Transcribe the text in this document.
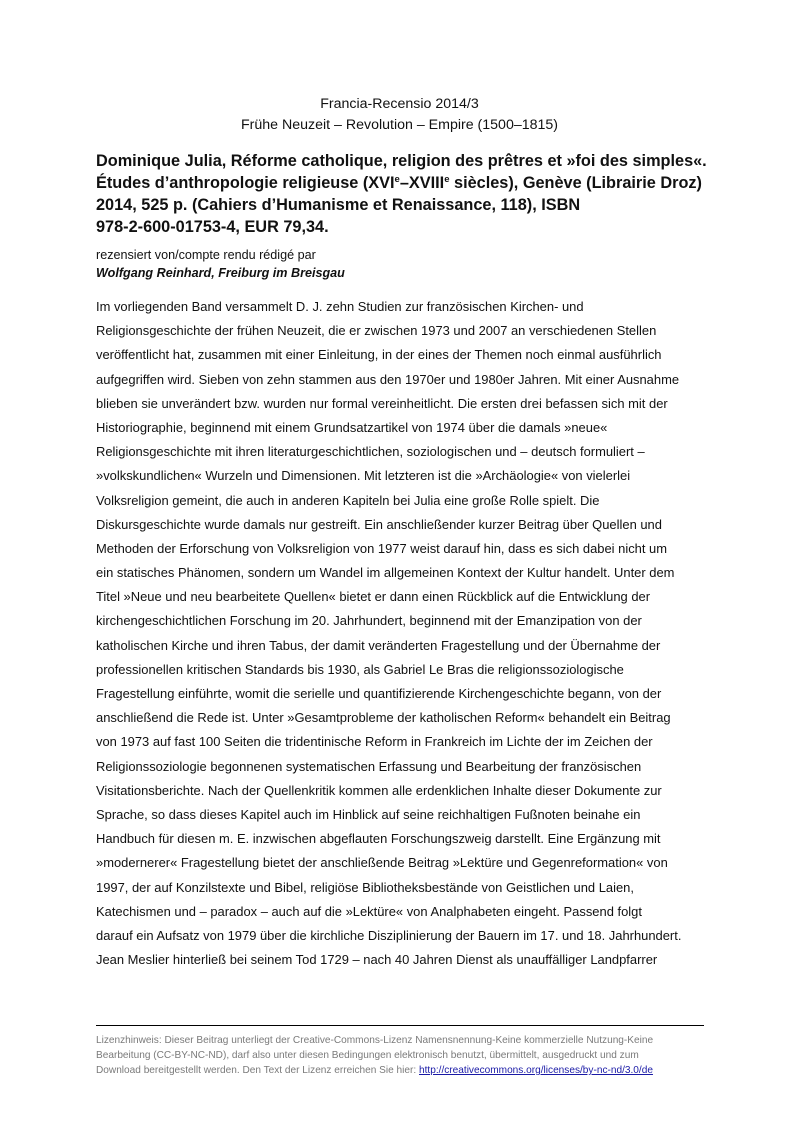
Francia-Recensio 2014/3
Frühe Neuzeit – Revolution – Empire (1500–1815)
Dominique Julia, Réforme catholique, religion des prêtres et »foi des simples«.
Études d’anthropologie religieuse (XVIe–XVIIIe siècles), Genève (Librairie Droz)
2014, 525 p. (Cahiers d’Humanisme et Renaissance, 118), ISBN
978-2-600-01753-4, EUR 79,34.
rezensiert von/compte rendu rédigé par
Wolfgang Reinhard, Freiburg im Breisgau
Im vorliegenden Band versammelt D. J. zehn Studien zur französischen Kirchen- und
Religionsgeschichte der frühen Neuzeit, die er zwischen 1973 und 2007 an verschiedenen Stellen
veröffentlicht hat, zusammen mit einer Einleitung, in der eines der Themen noch einmal ausführlich
aufgegriffen wird. Sieben von zehn stammen aus den 1970er und 1980er Jahren. Mit einer Ausnahme
blieben sie unverändert bzw. wurden nur formal vereinheitlicht. Die ersten drei befassen sich mit der
Historiographie, beginnend mit einem Grundsatzartikel von 1974 über die damals »neue«
Religionsgeschichte mit ihren literaturgeschichtlichen, soziologischen und – deutsch formuliert –
»volkskundlichen« Wurzeln und Dimensionen. Mit letzteren ist die »Archäologie« von vielerlei
Volksreligion gemeint, die auch in anderen Kapiteln bei Julia eine große Rolle spielt. Die
Diskursgeschichte wurde damals nur gestreift. Ein anschließender kurzer Beitrag über Quellen und
Methoden der Erforschung von Volksreligion von 1977 weist darauf hin, dass es sich dabei nicht um
ein statisches Phänomen, sondern um Wandel im allgemeinen Kontext der Kultur handelt. Unter dem
Titel »Neue und neu bearbeitete Quellen« bietet er dann einen Rückblick auf die Entwicklung der
kirchengeschichtlichen Forschung im 20. Jahrhundert, beginnend mit der Emanzipation von der
katholischen Kirche und ihren Tabus, der damit veränderten Fragestellung und der Übernahme der
professionellen kritischen Standards bis 1930, als Gabriel Le Bras die religionssoziologische
Fragestellung einführte, womit die serielle und quantifizierende Kirchengeschichte begann, von der
anschließend die Rede ist. Unter »Gesamtprobleme der katholischen Reform« behandelt ein Beitrag
von 1973 auf fast 100 Seiten die tridentinische Reform in Frankreich im Lichte der im Zeichen der
Religionssoziologie begonnenen systematischen Erfassung und Bearbeitung der französischen
Visitationsberichte. Nach der Quellenkritik kommen alle erdenklichen Inhalte dieser Dokumente zur
Sprache, so dass dieses Kapitel auch im Hinblick auf seine reichhaltigen Fußnoten beinahe ein
Handbuch für diesen m. E. inzwischen abgeflauten Forschungszweig darstellt. Eine Ergänzung mit
»modernerer« Fragestellung bietet der anschließende Beitrag »Lektüre und Gegenreformation« von
1997, der auf Konzilstexte und Bibel, religiöse Bibliotheksbestände von Geistlichen und Laien,
Katechismen und – paradox – auch auf die »Lektüre« von Analphabeten eingeht. Passend folgt
darauf ein Aufsatz von 1979 über die kirchliche Disziplinierung der Bauern im 17. und 18. Jahrhundert.
Jean Meslier hinterließ bei seinem Tod 1729 – nach 40 Jahren Dienst als unauffälliger Landpfarrer
Lizenzhinweis: Dieser Beitrag unterliegt der Creative-Commons-Lizenz Namensnennung-Keine kommerzielle Nutzung-Keine
Bearbeitung (CC-BY-NC-ND), darf also unter diesen Bedingungen elektronisch benutzt, übermittelt, ausgedruckt und zum
Download bereitgestellt werden. Den Text der Lizenz erreichen Sie hier: http://creativecommons.org/licenses/by-nc-nd/3.0/de
